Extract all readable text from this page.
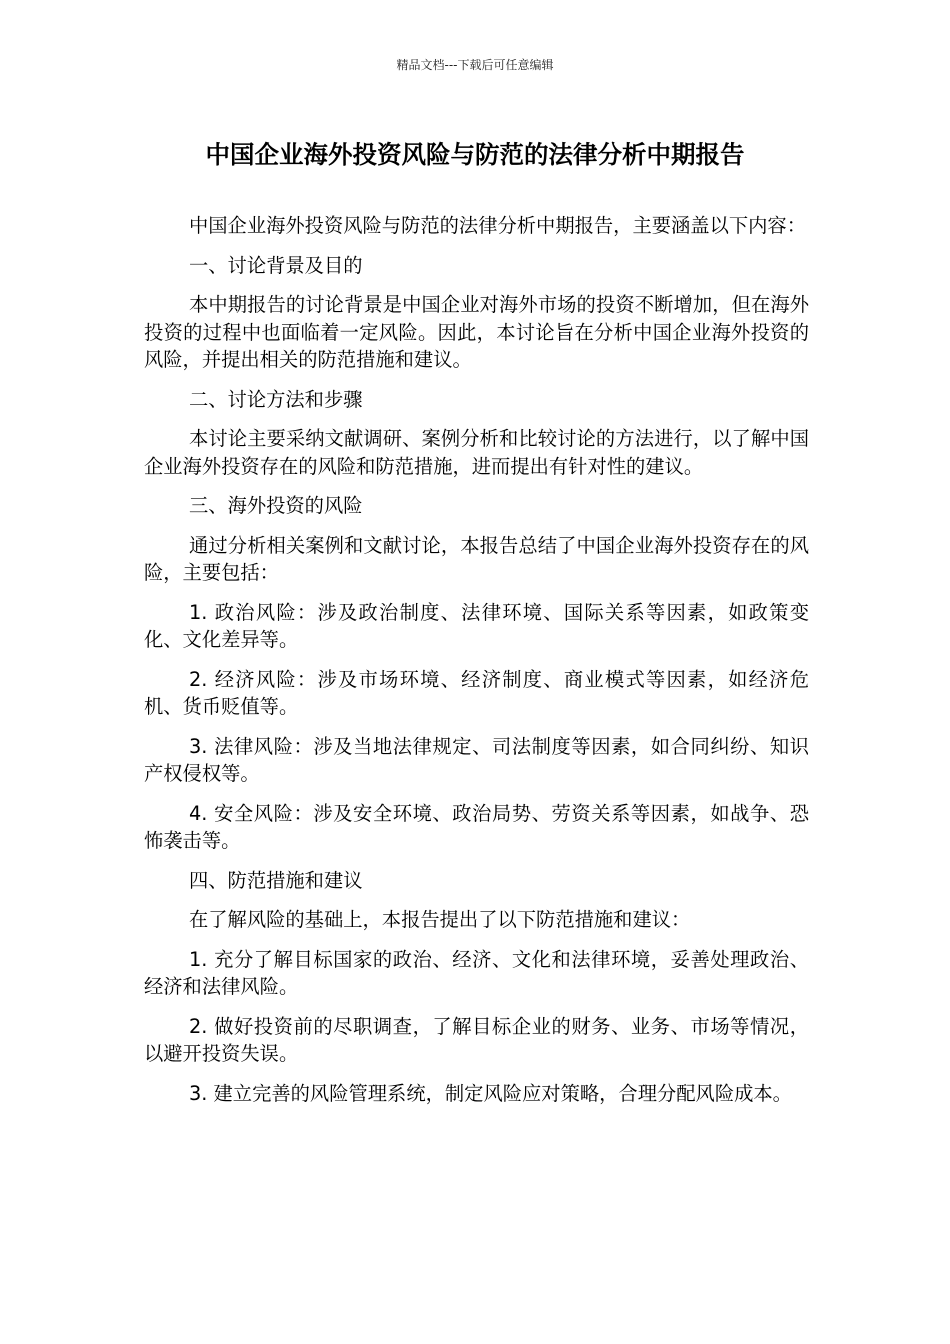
精品文档---下载后可任意编辑
中国企业海外投资风险与防范的法律分析中期报告

中国企业海外投资风险与防范的法律分析中期报告，主要涵盖以下内容：

一、讨论背景及目的

本中期报告的讨论背景是中国企业对海外市场的投资不断增加，但在海外投资的过程中也面临着一定风险。因此，本讨论旨在分析中国企业海外投资的风险，并提出相关的防范措施和建议。

二、讨论方法和步骤

本讨论主要采纳文献调研、案例分析和比较讨论的方法进行，以了解中国企业海外投资存在的风险和防范措施，进而提出有针对性的建议。

三、海外投资的风险

通过分析相关案例和文献讨论，本报告总结了中国企业海外投资存在的风险，主要包括：

1. 政治风险：涉及政治制度、法律环境、国际关系等因素，如政策变化、文化差异等。

2. 经济风险：涉及市场环境、经济制度、商业模式等因素，如经济危机、货币贬值等。

3. 法律风险：涉及当地法律规定、司法制度等因素，如合同纠纷、知识产权侵权等。

4. 安全风险：涉及安全环境、政治局势、劳资关系等因素，如战争、恐怖袭击等。

四、防范措施和建议

在了解风险的基础上，本报告提出了以下防范措施和建议：

1. 充分了解目标国家的政治、经济、文化和法律环境，妥善处理政治、经济和法律风险。

2. 做好投资前的尽职调查，了解目标企业的财务、业务、市场等情况，以避开投资失误。

3. 建立完善的风险管理系统，制定风险应对策略，合理分配风险成本。
